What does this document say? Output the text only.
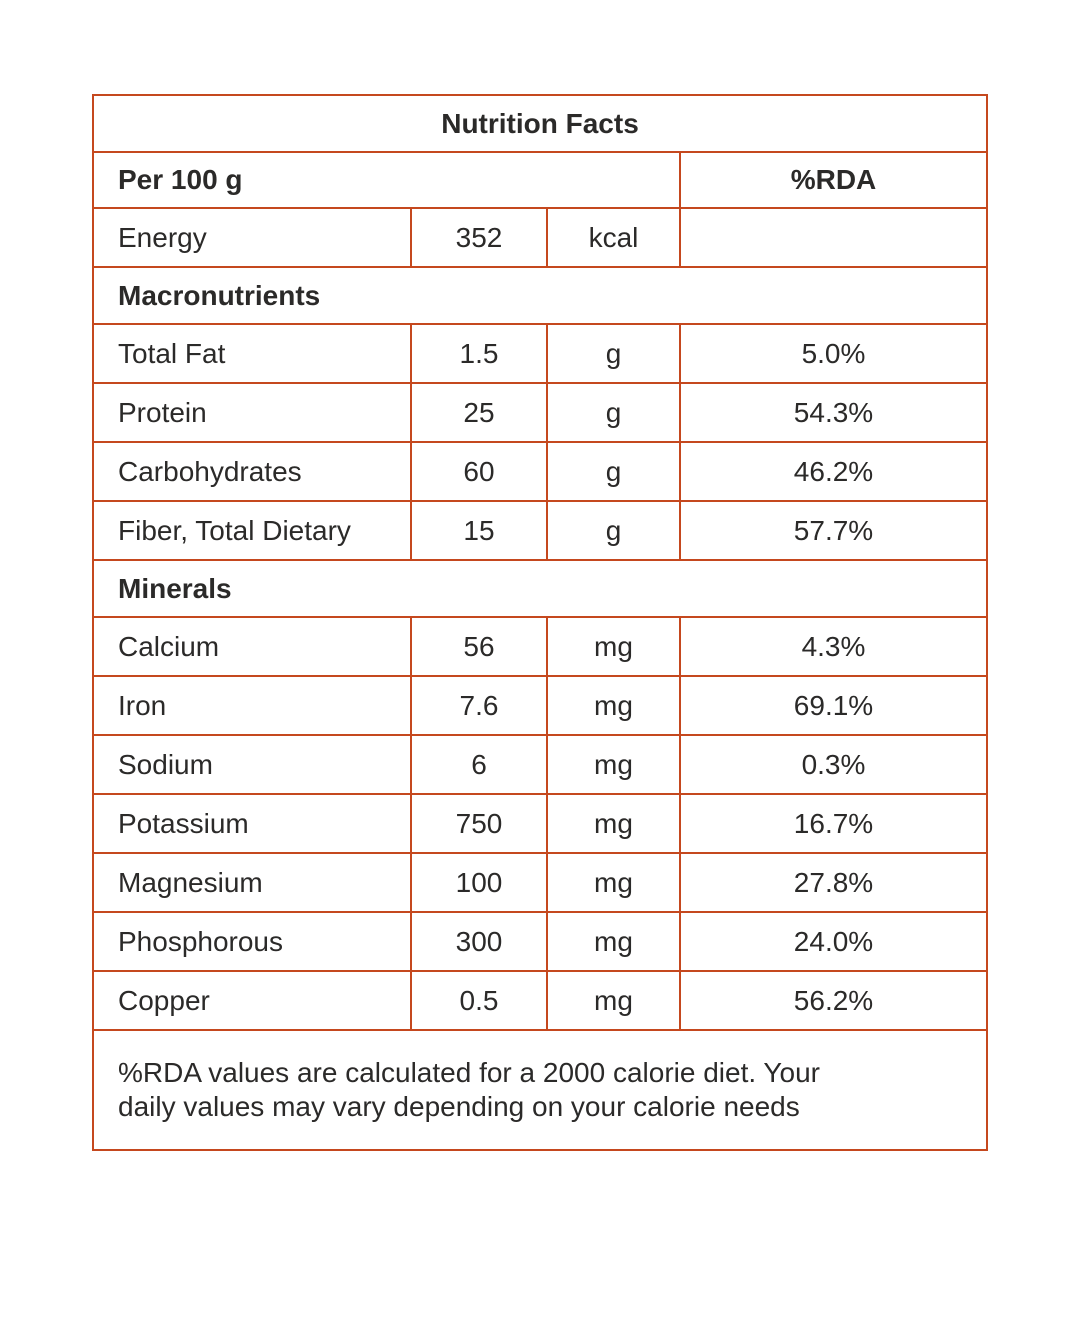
Nutrition Facts			
Per 100 g			%RDA
Energy	352	kcal	
Macronutrients			
Total Fat	1.5	g	5.0%
Protein	25	g	54.3%
Carbohydrates	60	g	46.2%
Fiber, Total Dietary	15	g	57.7%
Minerals			
Calcium	56	mg	4.3%
Iron	7.6	mg	69.1%
Sodium	6	mg	0.3%
Potassium	750	mg	16.7%
Magnesium	100	mg	27.8%
Phosphorous	300	mg	24.0%
Copper	0.5	mg	56.2%

%RDA values are calculated for a 2000 calorie diet. Your
daily values may vary depending on your calorie needs			
